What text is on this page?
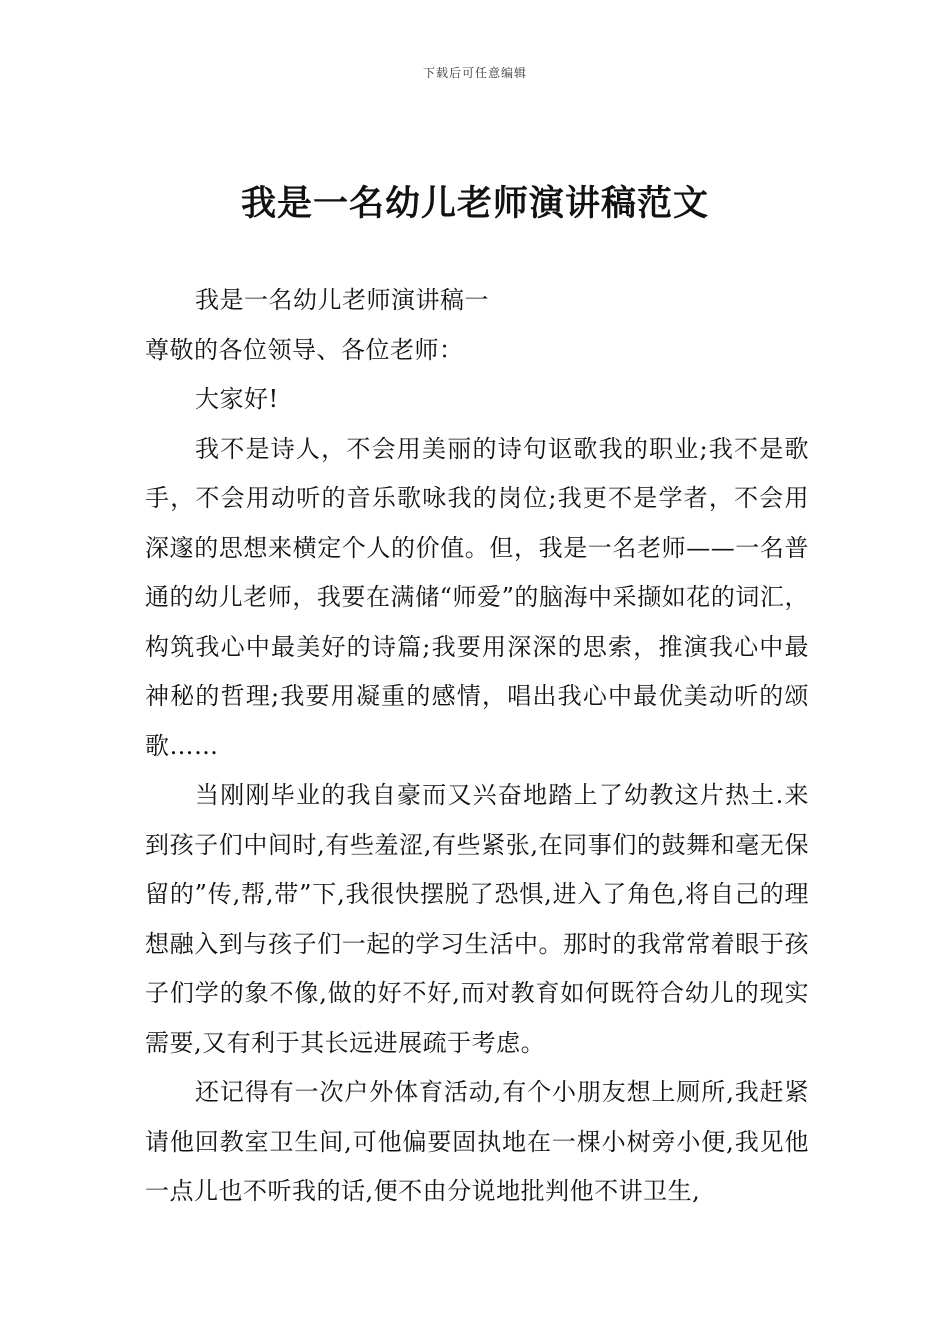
下载后可任意编辑
我是一名幼儿老师演讲稿范文

我是一名幼儿老师演讲稿一

尊敬的各位领导、各位老师：

大家好!

我不是诗人，不会用美丽的诗句讴歌我的职业;我不是歌手，不会用动听的音乐歌咏我的岗位;我更不是学者，不会用深邃的思想来横定个人的价值。但，我是一名老师——一名普通的幼儿老师，我要在满储“师爱”的脑海中采撷如花的词汇，构筑我心中最美好的诗篇;我要用深深的思索，推演我心中最神秘的哲理;我要用凝重的感情，唱出我心中最优美动听的颂歌……

当刚刚毕业的我自豪而又兴奋地踏上了幼教这片热土.来到孩子们中间时,有些羞涩,有些紧张,在同事们的鼓舞和毫无保留的”传,帮,带”下,我很快摆脱了恐惧,进入了角色,将自己的理想融入到与孩子们一起的学习生活中。那时的我常常着眼于孩子们学的象不像,做的好不好,而对教育如何既符合幼儿的现实需要,又有利于其长远进展疏于考虑。

还记得有一次户外体育活动,有个小朋友想上厕所,我赶紧请他回教室卫生间,可他偏要固执地在一棵小树旁小便,我见他一点儿也不听我的话,便不由分说地批判他不讲卫生,
